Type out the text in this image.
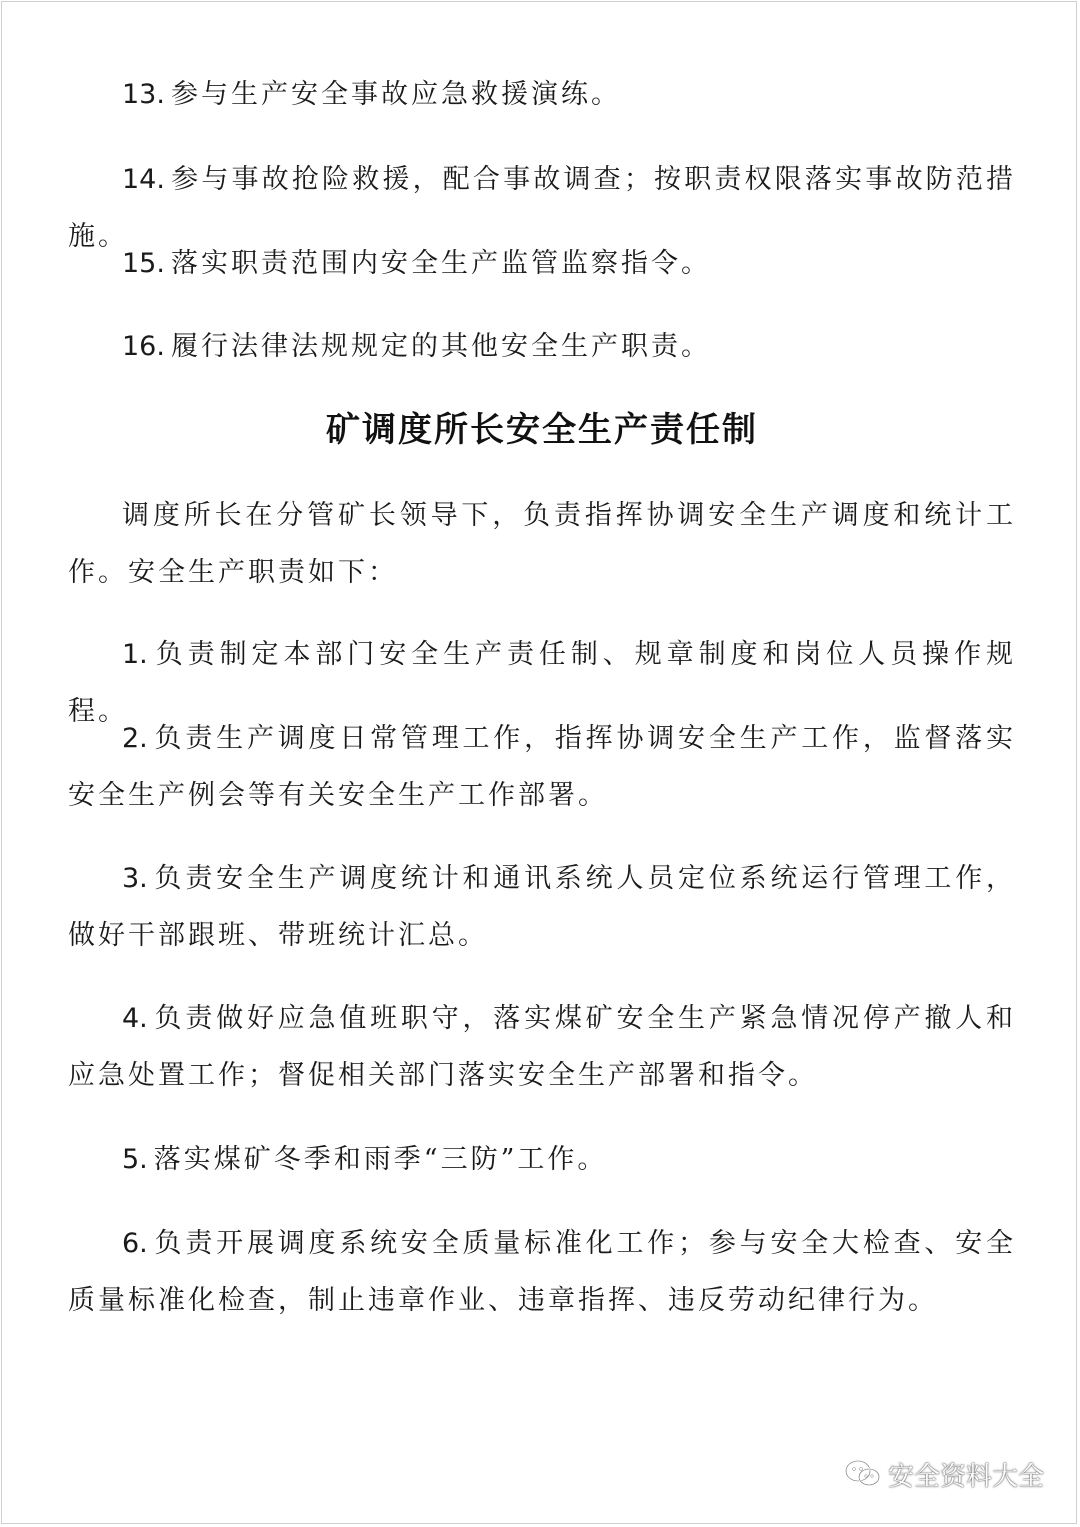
13. 参与生产安全事故应急救援演练。
14. 参与事故抢险救援，配合事故调查；按职责权限落实事故防范措施。
15. 落实职责范围内安全生产监管监察指令。
16. 履行法律法规规定的其他安全生产职责。
矿调度所长安全生产责任制
调度所长在分管矿长领导下，负责指挥协调安全生产调度和统计工作。安全生产职责如下：
1. 负责制定本部门安全生产责任制、规章制度和岗位人员操作规程。
2. 负责生产调度日常管理工作，指挥协调安全生产工作，监督落实安全生产例会等有关安全生产工作部署。
3. 负责安全生产调度统计和通讯系统人员定位系统运行管理工作，做好干部跟班、带班统计汇总。
4. 负责做好应急值班职守，落实煤矿安全生产紧急情况停产撤人和应急处置工作；督促相关部门落实安全生产部署和指令。
5. 落实煤矿冬季和雨季“三防”工作。
6. 负责开展调度系统安全质量标准化工作；参与安全大检查、安全质量标准化检查，制止违章作业、违章指挥、违反劳动纪律行为。
安全资料大全
